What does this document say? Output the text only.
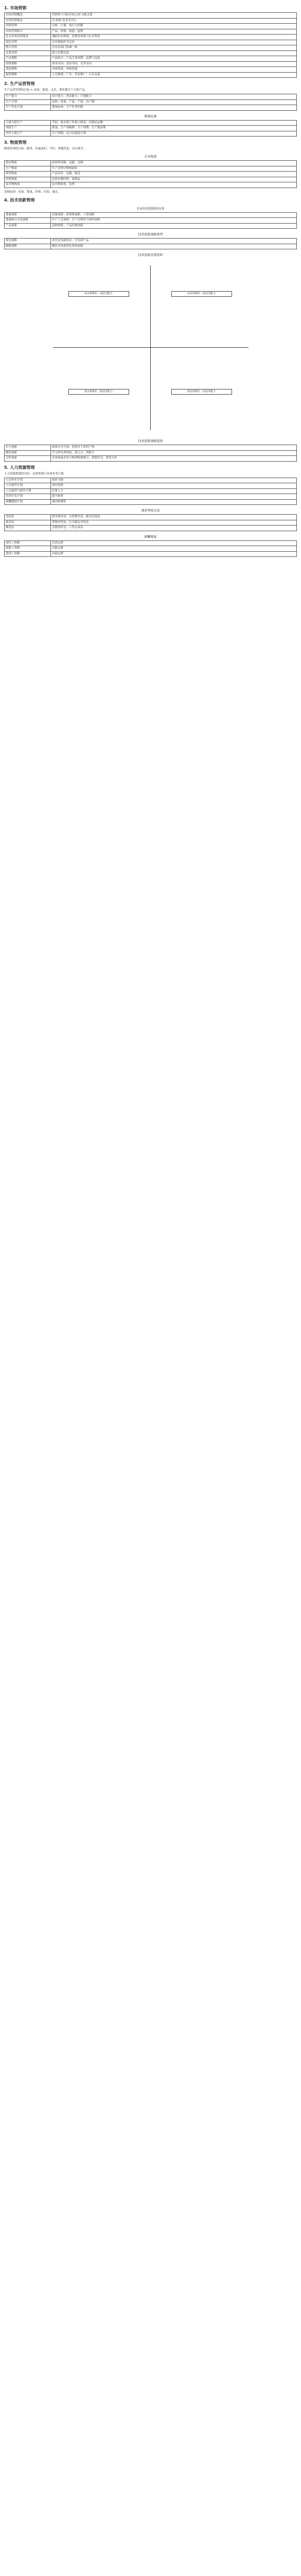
1. 市场营销
市场营销概念	营销者与目标市场之间 交换关系
市场营销观念	以 顾客 需求为中心
营销管理	分析、计划、执行与控制
市场营销组合	产品、价格、渠道、促销
社会市场营销观念	兼顾企业利润、消费者需要与社会利益
绿色营销	以环境保护为宗旨
整合营销	企业各部门协调一致
关系营销	建立长期关系
产品策略	产品组合；产品生命周期；品牌与包装
价格策略	成本导向；需求导向；竞争导向
渠道策略	直接渠道；间接渠道
促销策略	人员推销；广告；营业推广；公共关系
2. 生产运营管理
生产运营管理的目标 = 高效、低耗、灵活、准时地生产合格产品。
生产能力	设计能力；查定能力；计划能力
生产计划	品种；质量；产量；产值；出产期
生产作业计划	期量标准；生产作业控制
期量标准
大量大批生产	节拍、流水线工作指示图表、在制品定额
成批生产	批量、生产间隔期、生产周期、生产提前期
单件小批生产	生产周期、总日历进度计划
3. 物流管理
物流管理的目标：服务、快速及时、节约、规模优化、库存调节。
企业物流
供应物流	原材料采购、运输、仓储
生产物流	生产过程中物料流转
销售物流	产品出库、运输、配送
回收物流	包装容器回收、返修品
废弃物物流	废弃物收集、处理
采购原则：质量、数量、价格、时间、地点。
4. 技术创新管理
企业技术创新的内容
要素创新	设备创新；原材料创新；人事创新
要素组合方法创新	生产工艺创新；生产过程时空组织创新
产品创新	品种创新；产品结构创新
技术创新战略类型
领先战略	率先采用新技术、开发新产品
跟随战略	模仿并改进领先者的创新
技术创新决策矩阵
高市场增长 · 高技术能力	高市场增长 · 低技术能力
低市场增长 · 低技术能力	低市场增长 · 高技术能力
技术创新战略选择
自主创新	依靠自身力量，获得自主知识产权
模仿创新	学习率先者经验，投入少，风险小
合作创新	企业间或企业与科研机构联合，资源共享，优势互补
5. 人力资源管理
人力资源规划的内容：总体规划与各项业务计划。
人员补充计划	弥补空缺
人员使用计划	岗位轮换
人员接替与提升计划	后备人才
培训开发计划	提升素质
薪酬激励计划	调动积极性
绩效考核方法
比较法	简单排序法；交替排序法；配对比较法
量表法	等级评价法；行为锚定评价法
描述法	关键事件法；工作记录法
薪酬制度
岗位工资制	以岗定薪
技能工资制	以能定薪
绩效工资制	以绩定薪
